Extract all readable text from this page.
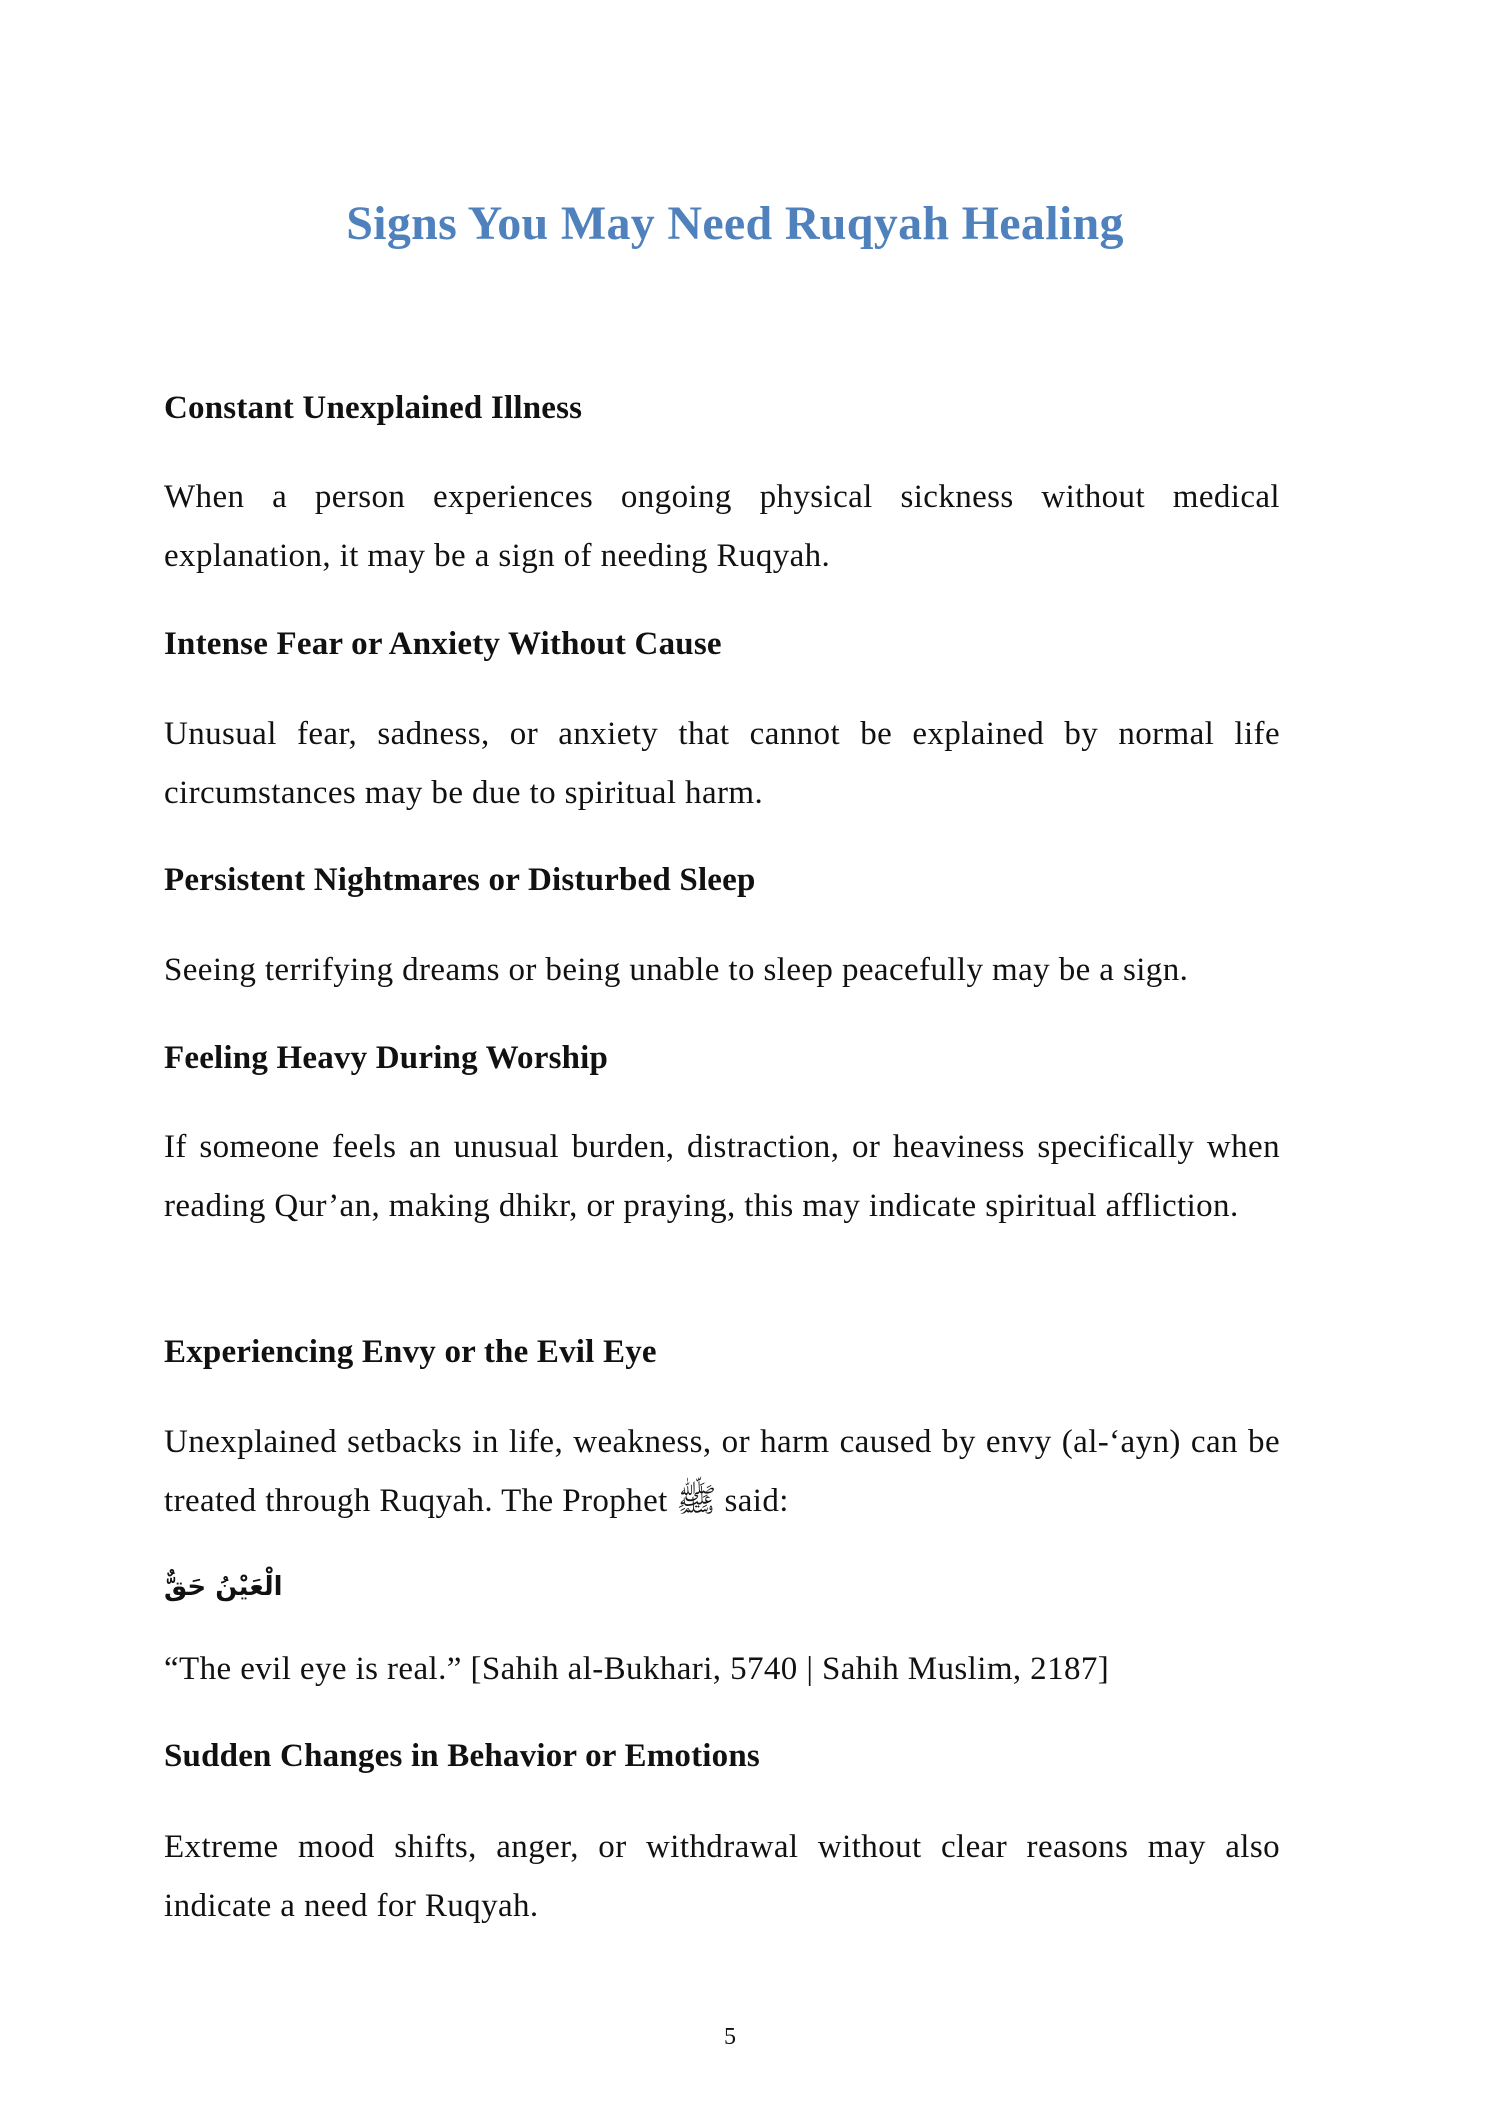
Signs You May Need Ruqyah Healing
Constant Unexplained Illness
When a person experiences ongoing physical sickness without medical explanation, it may be a sign of needing Ruqyah.
Intense Fear or Anxiety Without Cause
Unusual fear, sadness, or anxiety that cannot be explained by normal life circumstances may be due to spiritual harm.
Persistent Nightmares or Disturbed Sleep
Seeing terrifying dreams or being unable to sleep peacefully may be a sign.
Feeling Heavy During Worship
If someone feels an unusual burden, distraction, or heaviness specifically when reading Qur’an, making dhikr, or praying, this may indicate spiritual affliction.
Experiencing Envy or the Evil Eye
Unexplained setbacks in life, weakness, or harm caused by envy (al-‘ayn) can be treated through Ruqyah. The Prophet ﷺ said:
الْعَيْنُ حَقٌّ
“The evil eye is real.” [Sahih al-Bukhari, 5740 | Sahih Muslim, 2187]
Sudden Changes in Behavior or Emotions
Extreme mood shifts, anger, or withdrawal without clear reasons may also indicate a need for Ruqyah.
5
